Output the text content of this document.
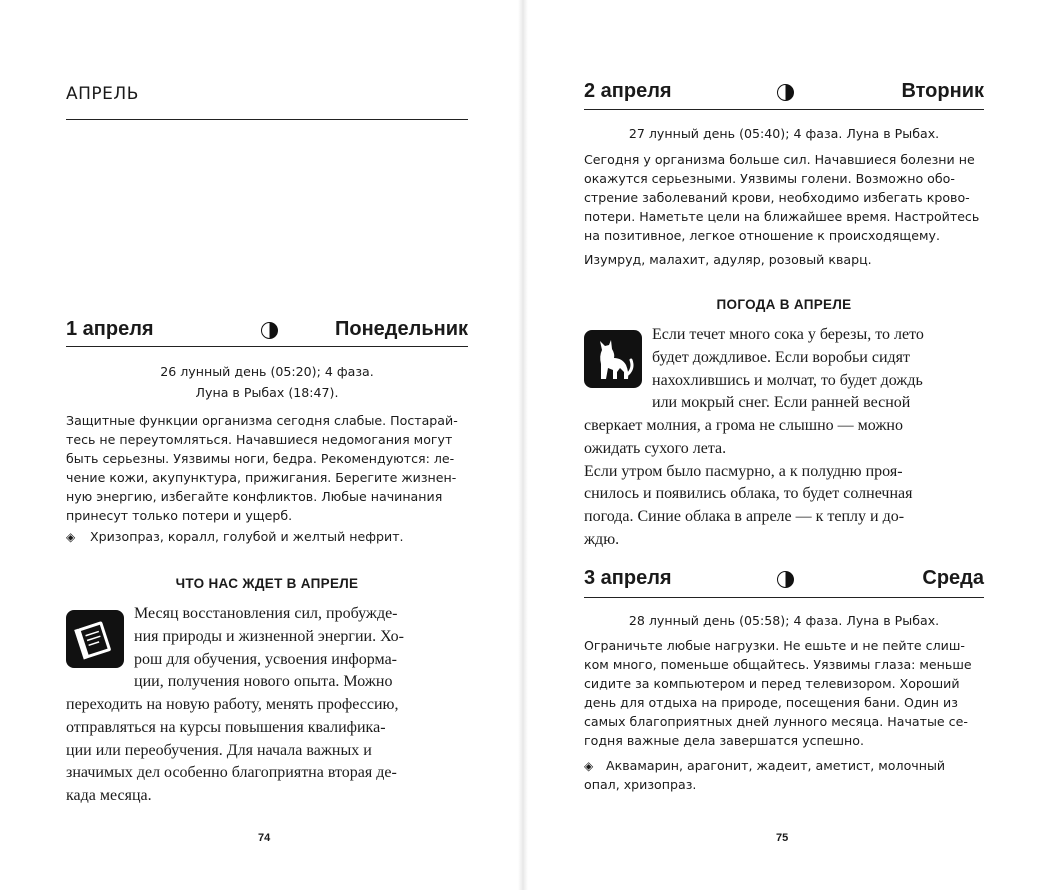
АПРЕЛЬ
1 апреля	Понедельник
26 лунный день (05:20); 4 фаза.
Луна в Рыбах (18:47).
Защитные функции организма сегодня слабые. Постарай-
тесь не переутомляться. Начавшиеся недомогания могут
быть серьезны. Уязвимы ноги, бедра. Рекомендуются: ле-
чение кожи, акупунктура, прижигания. Берегите жизнен-
ную энергию, избегайте конфликтов. Любые начинания
принесут только потери и ущерб.
◈ Хризопраз, коралл, голубой и желтый нефрит.
ЧТО НАС ЖДЕТ В АПРЕЛЕ
Месяц восстановления сил, пробужде-
ния природы и жизненной энергии. Хо-
рош для обучения, усвоения информа-
ции, получения нового опыта. Можно
переходить на новую работу, менять профессию,
отправляться на курсы повышения квалифика-
ции или переобучения. Для начала важных и
значимых дел особенно благоприятна вторая де-
када месяца.
74
2 апреля	Вторник
27 лунный день (05:40); 4 фаза. Луна в Рыбах.
Сегодня у организма больше сил. Начавшиеся болезни не
окажутся серьезными. Уязвимы голени. Возможно обо-
стрение заболеваний крови, необходимо избегать крово-
потери. Наметьте цели на ближайшее время. Настройтесь
на позитивное, легкое отношение к происходящему.
Изумруд, малахит, адуляр, розовый кварц.
ПОГОДА В АПРЕЛЕ
Если течет много сока у березы, то лето
будет дождливое. Если воробьи сидят
нахохлившись и молчат, то будет дождь
или мокрый снег. Если ранней весной
сверкает молния, а грома не слышно — можно
ожидать сухого лета.
Если утром было пасмурно, а к полудню проя-
снилось и появились облака, то будет солнечная
погода. Синие облака в апреле — к теплу и до-
ждю.
3 апреля	Среда
28 лунный день (05:58); 4 фаза. Луна в Рыбах.
Ограничьте любые нагрузки. Не ешьте и не пейте слиш-
ком много, поменьше общайтесь. Уязвимы глаза: меньше
сидите за компьютером и перед телевизором. Хороший
день для отдыха на природе, посещения бани. Один из
самых благоприятных дней лунного месяца. Начатые се-
годня важные дела завершатся успешно.
◈ Аквамарин, арагонит, жадеит, аметист, молочный
опал, хризопраз.
75
